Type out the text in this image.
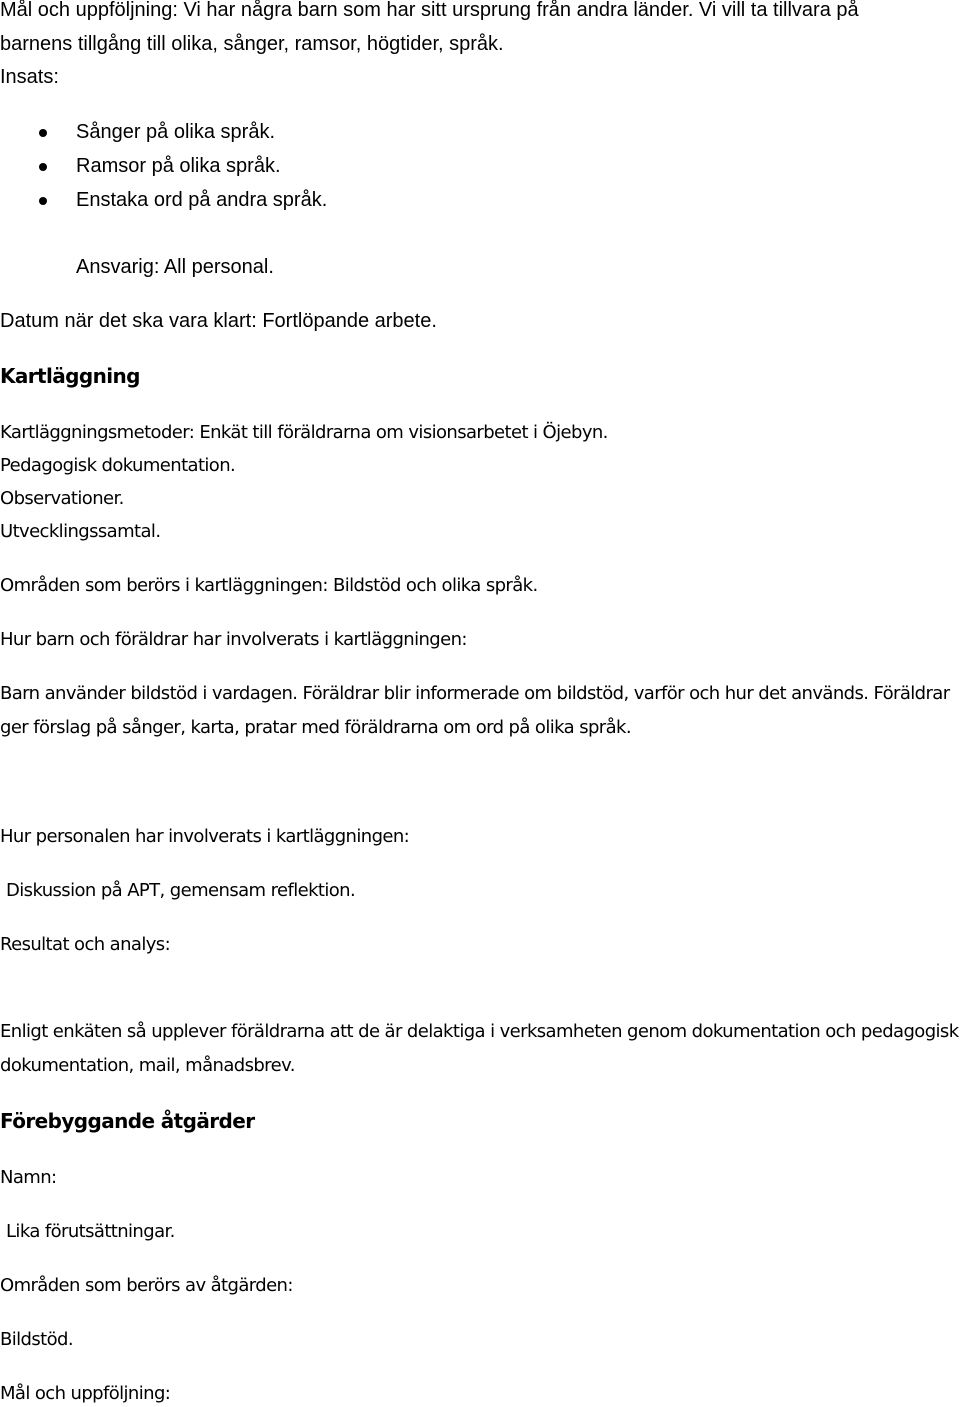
Mål och uppföljning: Vi har några barn som har sitt ursprung från andra länder. Vi vill ta tillvara på
barnens tillgång till olika, sånger, ramsor, högtider, språk.
Insats:
Sånger på olika språk.
Ramsor på olika språk.
Enstaka ord på andra språk.
Ansvarig: All personal.
Datum när det ska vara klart: Fortlöpande arbete.
Kartläggning
Kartläggningsmetoder: Enkät till föräldrarna om visionsarbetet i Öjebyn.
Pedagogisk dokumentation.
Observationer.
Utvecklingssamtal.
Områden som berörs i kartläggningen: Bildstöd och olika språk.
Hur barn och föräldrar har involverats i kartläggningen:
Barn använder bildstöd i vardagen. Föräldrar blir informerade om bildstöd, varför och hur det används. Föräldrar ger förslag på sånger, karta, pratar med föräldrarna om ord på olika språk.
Hur personalen har involverats i kartläggningen:
Diskussion på APT, gemensam reflektion.
Resultat och analys:
Enligt enkäten så upplever föräldrarna att de är delaktiga i verksamheten genom dokumentation och pedagogisk dokumentation, mail, månadsbrev.
Förebyggande åtgärder
Namn:
Lika förutsättningar.
Områden som berörs av åtgärden:
Bildstöd.
Mål och uppföljning:
